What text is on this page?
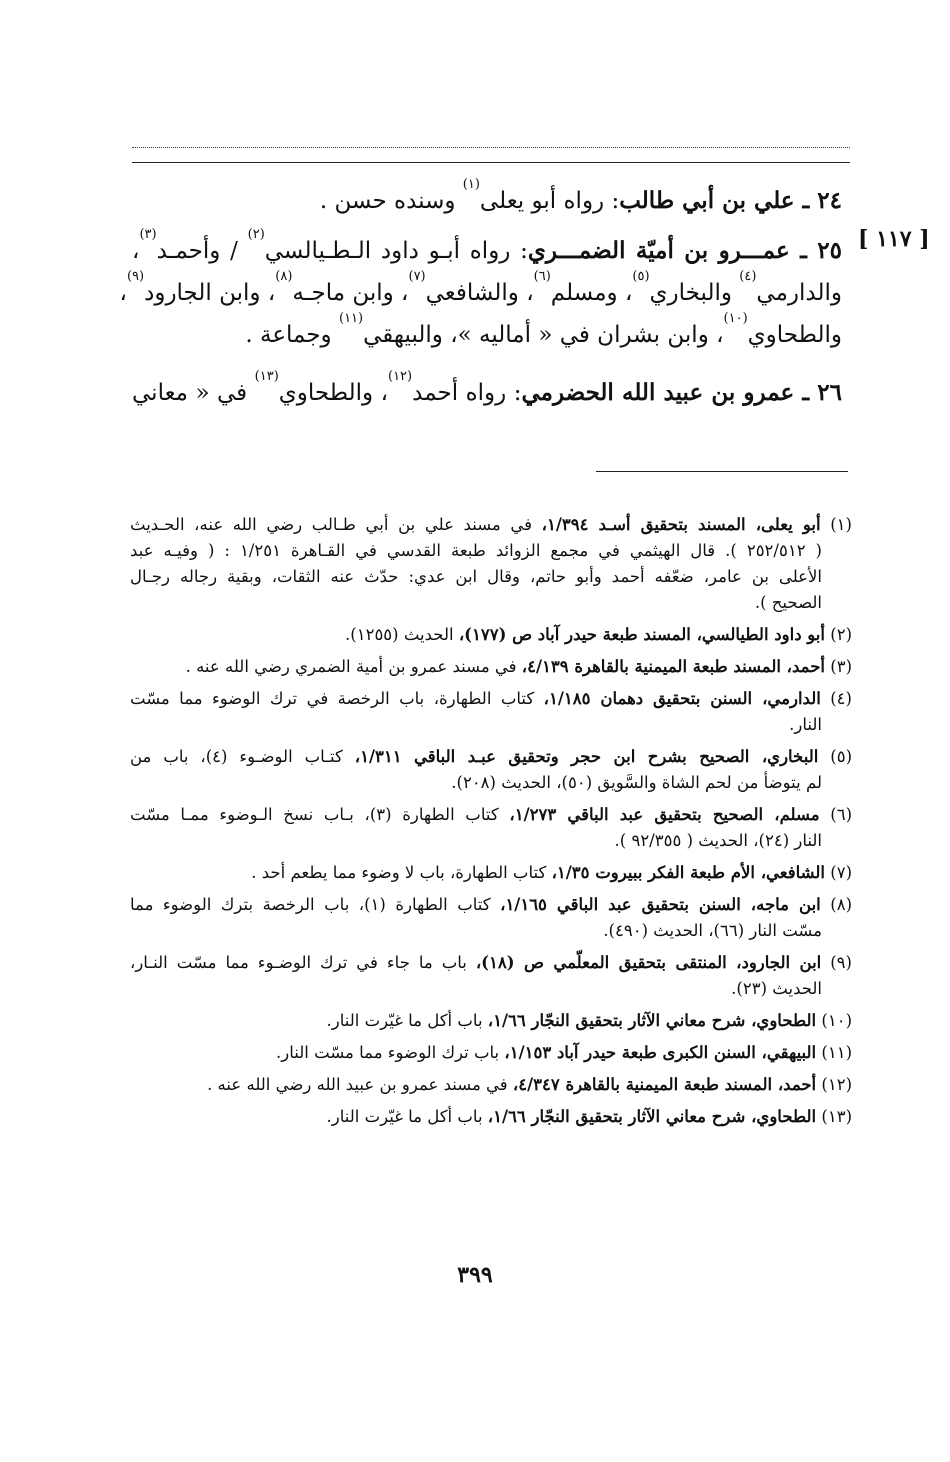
[ ١١٧ ]
٢٤ ـ علي بن أبي طالب: رواه أبو يعلى$^{(١)}$ وسنده حسن .
٢٥ ـ عمـــرو بن أميّة الضمـــري: رواه أبـو داود الـطـيالسي$^{(٢)}$ / وأحمـد$^{(٣)}$،
والدارمي$^{(٤)}$ والبخاري$^{(٥)}$، ومسلم$^{(٦)}$، والشافعي$^{(٧)}$، وابن ماجـه$^{(٨)}$، وابن الجارود$^{(٩)}$،
والطحاوي$^{(١٠)}$، وابن بشران في « أماليه »، والبيهقي$^{(١١)}$ وجماعة .
٢٦ ـ عمرو بن عبيد الله الحضرمي: رواه أحمد$^{(١٢)}$، والطحاوي$^{(١٣)}$ في « معاني
(١) أبو يعلى، المسند بتحقيق أسـد ١/٣٩٤، في مسند علي بن أبي طـالب رضي الله عنه، الحـديث
( ٢٥٢/٥١٢ ). قال الهيثمي في مجمع الزوائد طبعة القدسي في القـاهرة ١/٢٥١ : ( وفيـه عبد
الأعلى بن عامر، ضعّفه أحمد وأبو حاتم، وقال ابن عدي: حدّث عنه الثقات، وبقية رجاله رجـال
الصحيح ).
(٢) أبو داود الطيالسي، المسند طبعة حيدر آباد ص (١٧٧)، الحديث (١٢٥٥).
(٣) أحمد، المسند طبعة الميمنية بالقاهرة ٤/١٣٩، في مسند عمرو بن أمية الضمري رضي الله عنه .
(٤) الدارمي، السنن بتحقيق دهمان ١/١٨٥، كتاب الطهارة، باب الرخصة في ترك الوضوء مما مسّت
النار.
(٥) البخاري، الصحيح بشرح ابن حجر وتحقيق عبـد الباقي ١/٣١١، كتـاب الوضـوء (٤)، باب من
لم يتوضأ من لحم الشاة والسَّويق (٥٠)، الحديث (٢٠٨).
(٦) مسلم، الصحيح بتحقيق عبد الباقي ١/٢٧٣، كتاب الطهارة (٣)، بـاب نسخ الـوضوء ممـا مسّت
النار (٢٤)، الحديث ( ٩٢/٣٥٥ ).
(٧) الشافعي، الأم طبعة الفكر ببيروت ١/٣٥، كتاب الطهارة، باب لا وضوء مما يطعم أحد .
(٨) ابن ماجه، السنن بتحقيق عبد الباقي ١/١٦٥، كتاب الطهارة (١)، باب الرخصة بترك الوضوء مما
مسّت النار (٦٦)، الحديث (٤٩٠).
(٩) ابن الجارود، المنتقى بتحقيق المعلّمي ص (١٨)، باب ما جاء في ترك الوضـوء مما مسّت النـار،
الحديث (٢٣).
(١٠) الطحاوي، شرح معاني الآثار بتحقيق النجّار ١/٦٦، باب أكل ما غيّرت النار.
(١١) البيهقي، السنن الكبرى طبعة حيدر آباد ١/١٥٣، باب ترك الوضوء مما مسّت النار.
(١٢) أحمد، المسند طبعة الميمنية بالقاهرة ٤/٣٤٧، في مسند عمرو بن عبيد الله رضي الله عنه .
(١٣) الطحاوي، شرح معاني الآثار بتحقيق النجّار ١/٦٦، باب أكل ما غيّرت النار.
٣٩٩
